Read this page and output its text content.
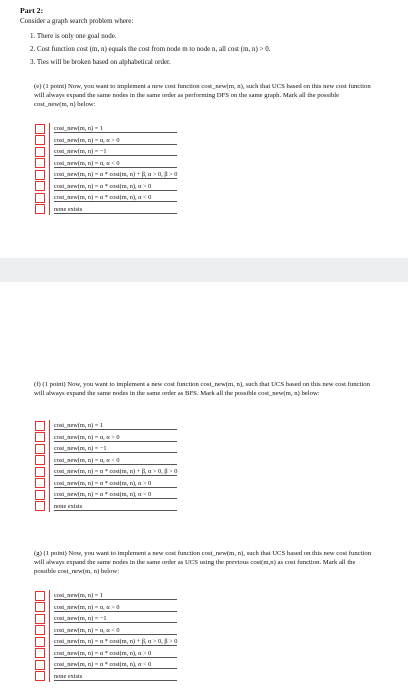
Part 2:
Consider a graph search problem where:
1. There is only one goal node.
2. Cost function cost (m, n) equals the cost from node m to node n, all cost (m, n) > 0.
3. Ties will be broken based on alphabetical order.
(e) (1 point) Now, you want to implement a new cost function cost_new(m, n), such that UCS based on this new cost function will always expand the same nodes in the same order as performing DFS on the same graph. Mark all the possible cost_new(m, n) below:
cost_new(m, n) = 1
cost_new(m, n) = α, α > 0
cost_new(m, n) = −1
cost_new(m, n) = α, α < 0
cost_new(m, n) = α * cost(m, n) + β, α > 0, β > 0
cost_new(m, n) = α * cost(m, n), α > 0
cost_new(m, n) = α * cost(m, n), α < 0
none exists
(f) (1 point) Now, you want to implement a new cost function cost_new(m, n), such that UCS based on this new cost function will always expand the same nodes in the same order as BFS. Mark all the possible cost_new(m, n) below:
cost_new(m, n) = 1
cost_new(m, n) = α, α > 0
cost_new(m, n) = −1
cost_new(m, n) = α, α < 0
cost_new(m, n) = α * cost(m, n) + β, α > 0, β > 0
cost_new(m, n) = α * cost(m, n), α > 0
cost_new(m, n) = α * cost(m, n), α < 0
none exists
(g) (1 point) Now, you want to implement a new cost function cost_new(m, n), such that UCS based on this new cost function will always expand the same nodes in the same order as UCS using the previous cost(m,n) as cost function. Mark all the possible cost_new(m, n) below:
cost_new(m, n) = 1
cost_new(m, n) = α, α > 0
cost_new(m, n) = −1
cost_new(m, n) = α, α < 0
cost_new(m, n) = α * cost(m, n) + β, α > 0, β > 0
cost_new(m, n) = α * cost(m, n), α > 0
cost_new(m, n) = α * cost(m, n), α < 0
none exists
